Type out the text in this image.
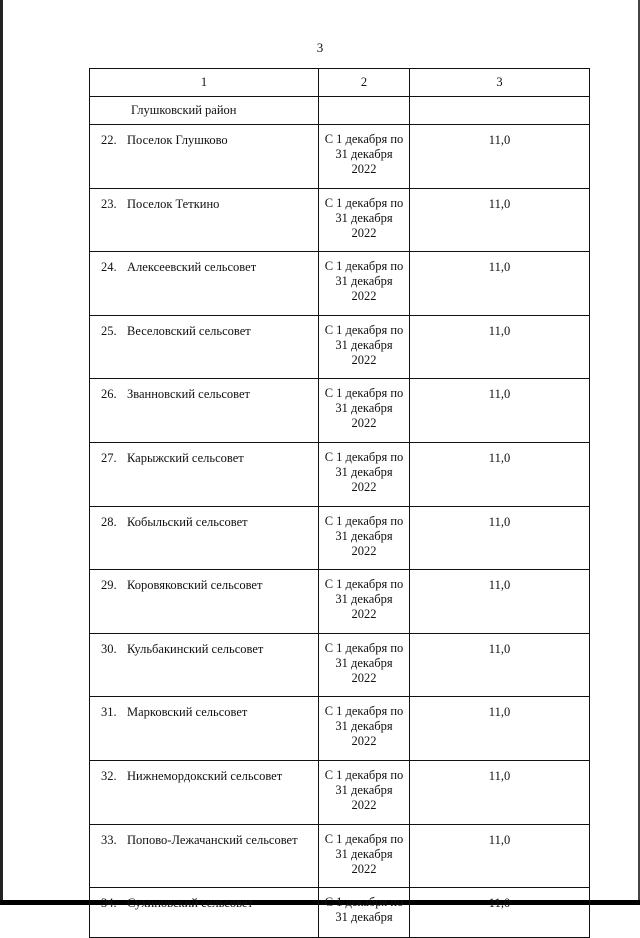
3
1	2	3
Глушковский район		
22. Поселок Глушково	С 1 декабря по
31 декабря
2022	11,0
23. Поселок Теткино	С 1 декабря по
31 декабря
2022	11,0
24. Алексеевский сельсовет	С 1 декабря по
31 декабря
2022	11,0
25. Веселовский сельсовет	С 1 декабря по
31 декабря
2022	11,0
26. Званновский сельсовет	С 1 декабря по
31 декабря
2022	11,0
27. Карыжский сельсовет	С 1 декабря по
31 декабря
2022	11,0
28. Кобыльский сельсовет	С 1 декабря по
31 декабря
2022	11,0
29. Коровяковский сельсовет	С 1 декабря по
31 декабря
2022	11,0
30. Кульбакинский сельсовет	С 1 декабря по
31 декабря
2022	11,0
31. Марковский сельсовет	С 1 декабря по
31 декабря
2022	11,0
32. Нижнемордокский сельсовет	С 1 декабря по
31 декабря
2022	11,0
33. Попово-Лежачанский сельсовет	С 1 декабря по
31 декабря
2022	11,0
34. Сухиновский сельсовет	С 1 декабря по
31 декабря	11,0
